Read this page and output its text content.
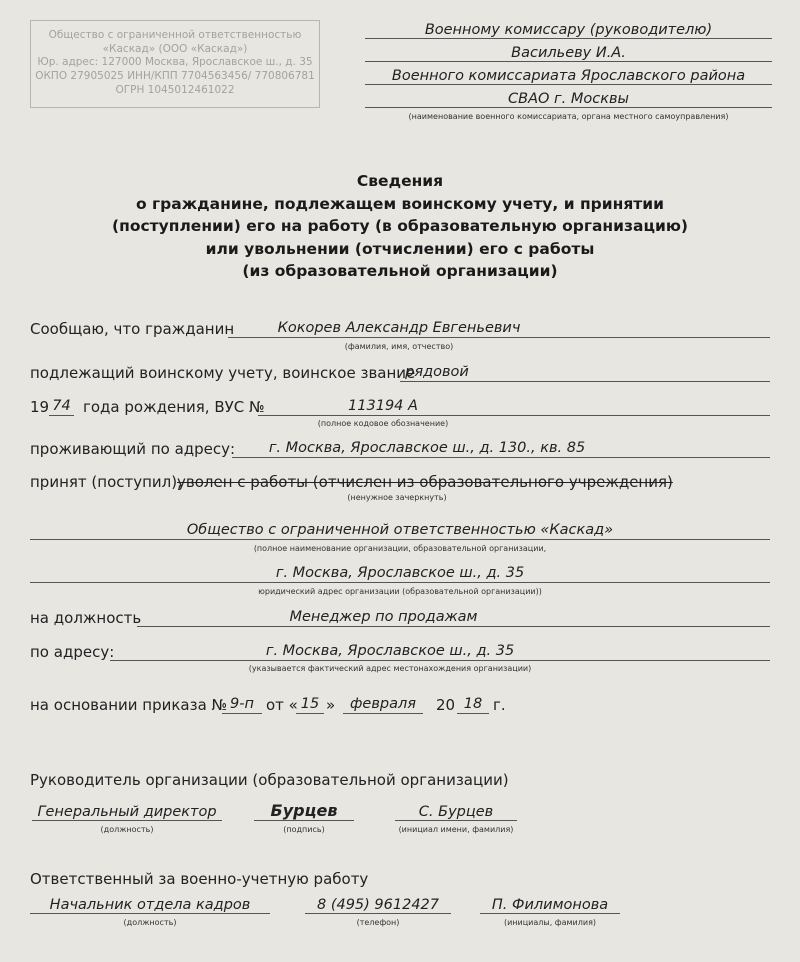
Общество с ограниченной ответственностью
«Каскад» (ООО «Каскад»)
Юр. адрес: 127000 Москва, Ярославское ш., д. 35
ОКПО 27905025 ИНН/КПП 7704563456/ 770806781
ОГРН 1045012461022
Военному комиссару (руководителю)
Васильеву И.А.
Военного комиссариата Ярославского района
СВАО г. Москвы
(наименование военного комиссариата, органа местного самоуправления)
Сведения
о гражданине, подлежащем воинскому учету, и принятии
(поступлении) его на работу (в образовательную организацию)
или увольнении (отчислении) его с работы
(из образовательной организации)
Сообщаю, что гражданин	Кокорев Александр Евгеньевич
(фамилия, имя, отчество)
подлежащий воинскому учету, воинское звание
рядовой
19 74 года рождения, ВУС №	113194 А
(полное кодовое обозначение)
проживающий по адресу:	г. Москва, Ярославское ш., д. 130., кв. 85
принят (поступил),
уволен с работы (отчислен из образовательного учреждения)
(ненужное зачеркнуть)
Общество с ограниченной ответственностью «Каскад»
(полное наименование организации, образовательной организации,
г. Москва, Ярославское ш., д. 35
юридический адрес организации (образовательной организации))
на должность	Менеджер по продажам
по адресу:	г. Москва, Ярославское ш., д. 35
(указывается фактический адрес местонахождения организации)
на основании приказа № 9-п от « 15 »	февраля	20 18 г.
Руководитель организации (образовательной организации)
Генеральный директор
(должность)
Бурцев
(подпись)
С. Бурцев
(инициал имени, фамилия)
Ответственный за военно-учетную работу
Начальник отдела кадров
(должность)
8 (495) 9612427
(телефон)
П. Филимонова
(инициалы, фамилия)
